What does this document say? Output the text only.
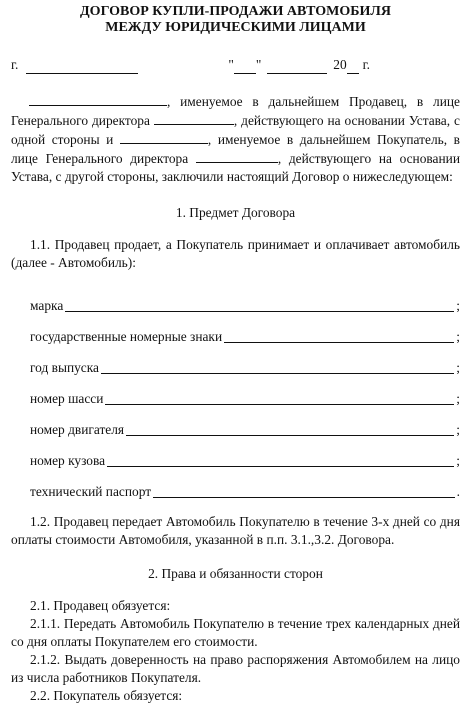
ДОГОВОР КУПЛИ-ПРОДАЖИ АВТОМОБИЛЯ

МЕЖДУ ЮРИДИЧЕСКИМИ ЛИЦАМИ

г.	" "	20 г.

, именуемое в дальнейшем Продавец, в лице Генерального директора	, действующего на основании Устава, с одной стороны и	, именуемое в дальнейшем Покупатель, в лице Генерального директора	, действующего на основании Устава, с другой стороны, заключили настоящий Договор о нижеследующем:

1. Предмет Договора

1.1. Продавец продает, а Покупатель принимает и оплачивает автомобиль (далее - Автомобиль):

марка	;
государственные номерные знаки	;
год выпуска	;
номер шасси	;
номер двигателя	;
номер кузова	;
технический паспорт	.

1.2. Продавец передает Автомобиль Покупателю в течение 3-х дней со дня оплаты стоимости Автомобиля, указанной в п.п. 3.1.,3.2. Договора.

2. Права и обязанности сторон

2.1. Продавец обязуется:

2.1.1. Передать Автомобиль Покупателю в течение трех календарных дней со дня оплаты Покупателем его стоимости.

2.1.2. Выдать доверенность на право распоряжения Автомобилем на лицо из числа работников Покупателя.

2.2. Покупатель обязуется:
